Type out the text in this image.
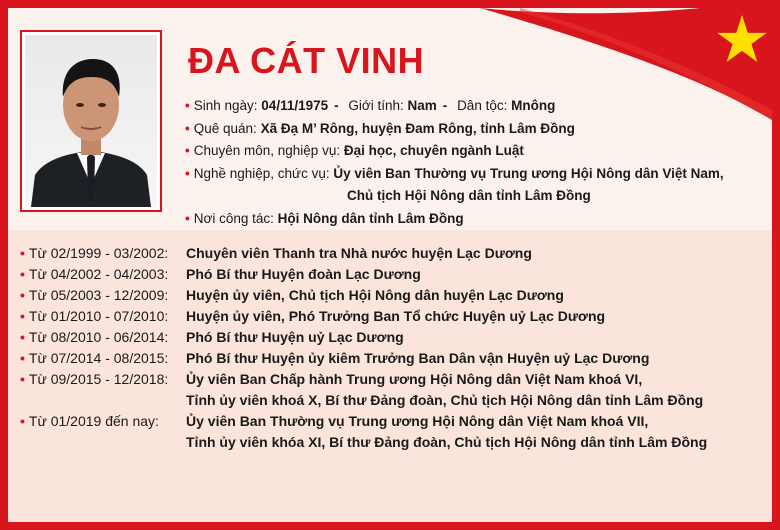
ĐA CÁT VINH
• Sinh ngày: 04/11/1975 - Giới tính: Nam - Dân tộc: Mnông
• Quê quán: Xã Đạ M’ Rông, huyện Đam Rông, tỉnh Lâm Đồng
• Chuyên môn, nghiệp vụ: Đại học, chuyên ngành Luật
• Nghề nghiệp, chức vụ: Ủy viên Ban Thường vụ Trung ương Hội Nông dân Việt Nam,
Chủ tịch Hội Nông dân tỉnh Lâm Đồng
• Nơi công tác: Hội Nông dân tỉnh Lâm Đồng
• Từ 02/1999 - 03/2002:	Chuyên viên Thanh tra Nhà nước huyện Lạc Dương
• Từ 04/2002 - 04/2003:	Phó Bí thư Huyện đoàn Lạc Dương
• Từ 05/2003 - 12/2009:	Huyện ủy viên, Chủ tịch Hội Nông dân huyện Lạc Dương
• Từ 01/2010 - 07/2010:	Huyện ủy viên, Phó Trưởng Ban Tổ chức Huyện uỷ Lạc Dương
• Từ 08/2010 - 06/2014:	Phó Bí thư Huyện uỷ Lạc Dương
• Từ 07/2014 - 08/2015:	Phó Bí thư Huyện ủy kiêm Trưởng Ban Dân vận Huyện uỷ Lạc Dương
• Từ 09/2015 - 12/2018:	Ủy viên Ban Chấp hành Trung ương Hội Nông dân Việt Nam khoá VI,
Tỉnh ủy viên khoá X, Bí thư Đảng đoàn, Chủ tịch Hội Nông dân tỉnh Lâm Đồng
• Từ 01/2019 đến nay:	Ủy viên Ban Thường vụ Trung ương Hội Nông dân Việt Nam khoá VII,
Tỉnh ủy viên khóa XI, Bí thư Đảng đoàn, Chủ tịch Hội Nông dân tỉnh Lâm Đồng
